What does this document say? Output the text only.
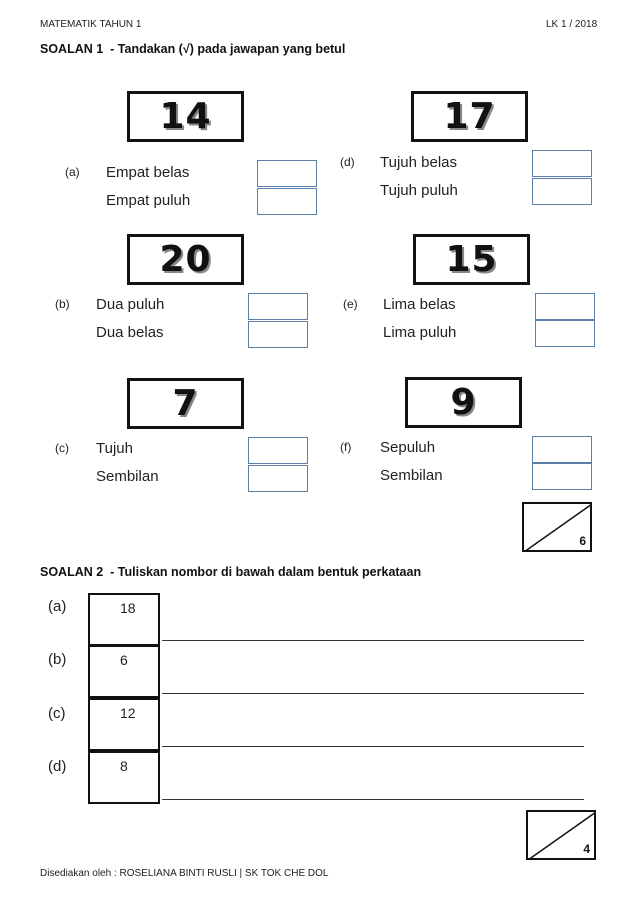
MATEMATIK TAHUN 1	LK 1 / 2018
SOALAN 1 - Tandakan (√) pada jawapan yang betul
14
(a) Empat belas
Empat puluh
17
(d) Tujuh belas
Tujuh puluh
20
(b) Dua puluh
Dua belas
15
(e) Lima belas
Lima puluh
7
(c) Tujuh
Sembilan
9
(f) Sepuluh
Sembilan
6
SOALAN 2 - Tuliskan nombor di bawah dalam bentuk perkataan
(a)	18
(b)	6
(c)	12
(d)	8
4
Disediakan oleh : ROSELIANA BINTI RUSLI | SK TOK CHE DOL
